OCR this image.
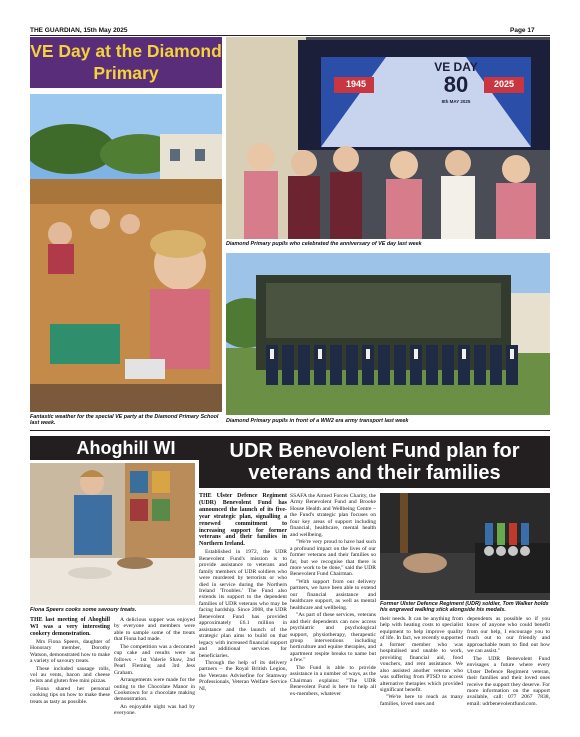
THE GUARDIAN, 15th May 2025	Page 17
VE Day at the Diamond Primary
Fantastic weather for the special VE party at the Diamond Primary School last week.
VE DAY
80
1945	2025
8th MAY 2025
Diamond Primary pupils who celebrated the anniversary of VE day last week
Diamond Primary pupils in front of a WW2 era army transport last week
Ahoghill WI
Fiona Speers cooks some savoury treats.

THE last meeting of Ahoghill WI was a very interesting cookery demonstration.

Mrs Fiona Speers, daughter of Honorary member, Dorothy Watson, demonstrated how to make a variety of savoury treats.

These included sausage rolls, vol au vents, bacon and cheese twists and gluten free mini pizzas.

Fiona shared her personal cooking tips on how to make these treats as tasty as possible.

A delicious supper was enjoyed by everyone and members were able to sample some of the treats that Fiona had made.

The competition was a decorated cup cake and results were as follows - 1st Valerie Shaw, 2nd Pearl Fleming and 3rd Jess Graham.

Arrangements were made for the outing to the Chocolate Manor in Cookstown for a chocolate making demonstration.

An enjoyable night was had by everyone.

UDR Benevolent Fund plan for veterans and their families

THE Ulster Defence Regiment (UDR) Benevolent Fund has announced the launch of its five-year strategic plan, signalling a renewed commitment to increasing support for former veterans and their families in Northern Ireland.

Established in 1972, the UDR Benevolent Fund's mission is to provide assistance to veterans and family members of UDR soldiers who were murdered by terrorists or who died in service during the Northern Ireland 'Troubles.' The Fund also extends its support to the dependent families of UDR veterans who may be facing hardship. Since 2008, the UDR Benevolent Fund has provided approximately £6.1 million in assistance and the launch of the strategic plan aims to build on that legacy with increased financial support and additional services for beneficiaries.

Through the help of its delivery partners – the Royal British Legion, the Veterans Advisefine for Stamway Professionals, Veteran Welfare Service NI,

SSAFA the Armed Forces Charity, the Army Benevolent Fund and Brooke House Health and Wellbeing Centre – the Fund's strategic plan focuses on four key areas of support including financial, healthcare, mental health and wellbeing.

"We're very proud to have had such a profound impact on the lives of our former veterans and their families so far, but we recognise that there is more work to be done," said the UDR Benevolent Fund Chairman.

"With support from our delivery partners, we have been able to extend our financial assistance and healthcare support, as well as mental healthcare and wellbeing.

"As part of these services, veterans and their dependents can now access psychiatric and psychological support, physiotherapy, therapeutic group interventions including horticulture and equine therapies, and apartment respite breaks to name but a few."

The Fund is able to provide assistance in a number of ways, as the Chairman explains: "The UDR Benevolent Fund is here to help all ex-members, whatever

Former Ulster Defence Regiment (UDR) soldier, Tom Walker holds his engraved walking stick alongside his medals.

their needs. It can be anything from help with heating costs to specialist equipment to help improve quality of life. In fact, we recently supported a former member who was hospitalised and unable to work, providing financial aid, food vouchers, and rent assistance. We also assisted another veteran who was suffering from PTSD to access alternative therapies which provided significant benefit.

"We're here to reach as many families, loved ones and

dependents as possible so if you know of anyone who could benefit from our help, I encourage you to reach out to our friendly and approachable team to find out how we can assist."

The UDR Benevolent Fund envisages a future where every Ulster Defence Regiment veteran, their families and their loved ones receive the support they deserve. For more information on the support available, call: 077 2067 7838, email: udrbenevolentfund.com.
